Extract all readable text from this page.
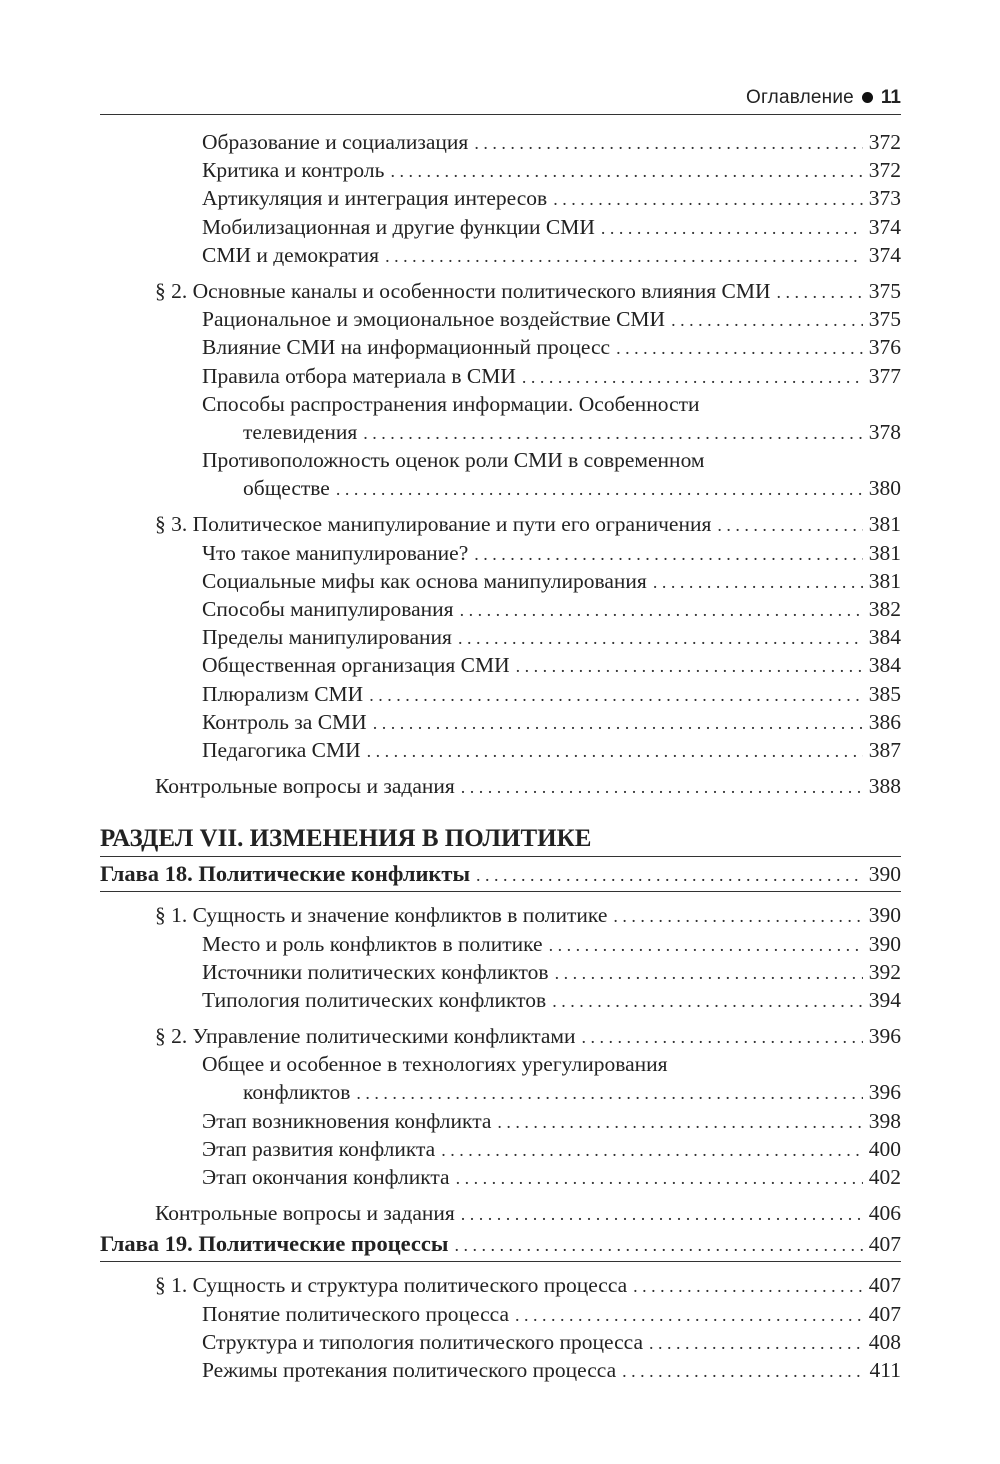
Оглавление 11
Образование и социализация . . .	372
Критика и контроль . . .	372
Артикуляция и интеграция интересов . . .	373
Мобилизационная и другие функции СМИ . . .	374
СМИ и демократия . . .	374
§ 2. Основные каналы и особенности политического влияния СМИ . . .	375
Рациональное и эмоциональное воздействие СМИ . . .	375
Влияние СМИ на информационный процесс . . .	376
Правила отбора материала в СМИ . . .	377
Способы распространения информации. Особенности
телевидения . . .	378
Противоположность оценок роли СМИ в современном
обществе . . .	380
§ 3. Политическое манипулирование и пути его ограничения . . .	381
Что такое манипулирование? . . .	381
Социальные мифы как основа манипулирования . . .	381
Способы манипулирования . . .	382
Пределы манипулирования . . .	384
Общественная организация СМИ . . .	384
Плюрализм СМИ . . .	385
Контроль за СМИ . . .	386
Педагогика СМИ . . .	387
Контрольные вопросы и задания . . .	388
РАЗДЕЛ VII. ИЗМЕНЕНИЯ В ПОЛИТИКЕ
Глава 18. Политические конфликты . . .	390
§ 1. Сущность и значение конфликтов в политике . . .	390
Место и роль конфликтов в политике . . .	390
Источники политических конфликтов . . .	392
Типология политических конфликтов . . .	394
§ 2. Управление политическими конфликтами . . .	396
Общее и особенное в технологиях урегулирования
конфликтов . . .	396
Этап возникновения конфликта . . .	398
Этап развития конфликта . . .	400
Этап окончания конфликта . . .	402
Контрольные вопросы и задания . . .	406
Глава 19. Политические процессы . . .	407
§ 1. Сущность и структура политического процесса . . .	407
Понятие политического процесса . . .	407
Структура и типология политического процесса . . .	408
Режимы протекания политического процесса . . .	411
